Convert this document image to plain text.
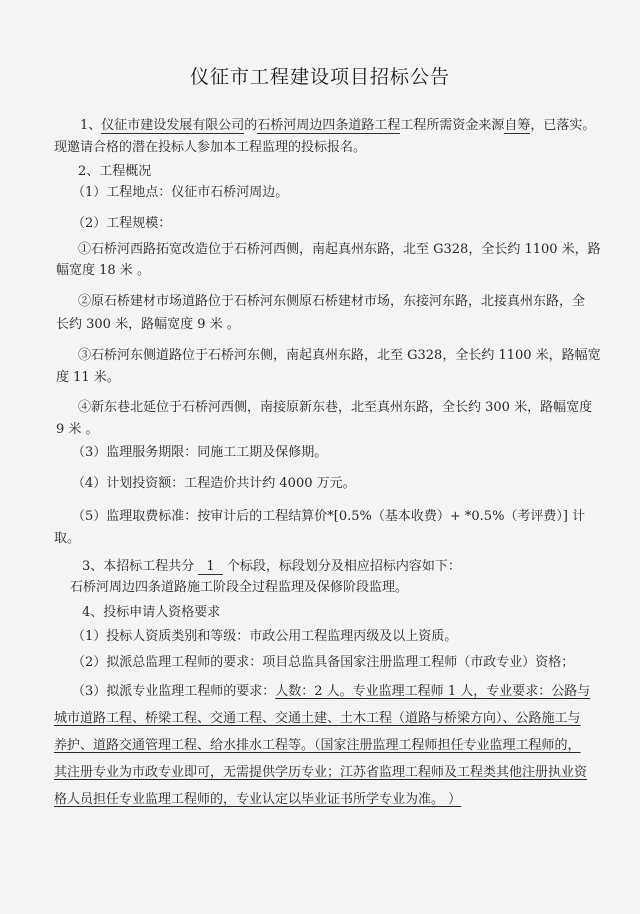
仪征市工程建设项目招标公告
1、仪征市建设发展有限公司的石桥河周边四条道路工程工程所需资金来源自筹，已落实。
现邀请合格的潜在投标人参加本工程监理的投标报名。
2、工程概况
（1）工程地点：仪征市石桥河周边。
（2）工程规模：
①石桥河西路拓宽改造位于石桥河西侧，南起真州东路，北至 G328，全长约 1100 米，路
幅宽度 18 米 。
②原石桥建材市场道路位于石桥河东侧原石桥建材市场，东接河东路，北接真州东路，全
长约 300 米，路幅宽度 9 米 。
③石桥河东侧道路位于石桥河东侧，南起真州东路，北至 G328，全长约 1100 米，路幅宽
度 11 米。
④新东巷北延位于石桥河西侧，南接原新东巷，北至真州东路，全长约 300 米，路幅宽度
9 米 。
（3）监理服务期限：同施工工期及保修期。
（4）计划投资额：工程造价共计约 4000 万元。
（5）监理取费标准：按审计后的工程结算价*[0.5%（基本收费）+ *0.5%（考评费）] 计
取。
3、本招标工程共分 1 个标段，标段划分及相应招标内容如下：
石桥河周边四条道路施工阶段全过程监理及保修阶段监理。
4、投标申请人资格要求
（1）投标人资质类别和等级：市政公用工程监理丙级及以上资质。
（2）拟派总监理工程师的要求：项目总监具备国家注册监理工程师（市政专业）资格；
（3）拟派专业监理工程师的要求：人数：2 人。专业监理工程师 1 人，专业要求：公路与
城市道路工程、桥梁工程、交通工程、交通土建、土木工程（道路与桥梁方向）、公路施工与
养护、道路交通管理工程、给水排水工程等。（国家注册监理工程师担任专业监理工程师的，
其注册专业为市政专业即可，无需提供学历专业；江苏省监理工程师及工程类其他注册执业资
格人员担任专业监理工程师的，专业认定以毕业证书所学专业为准。 ）
